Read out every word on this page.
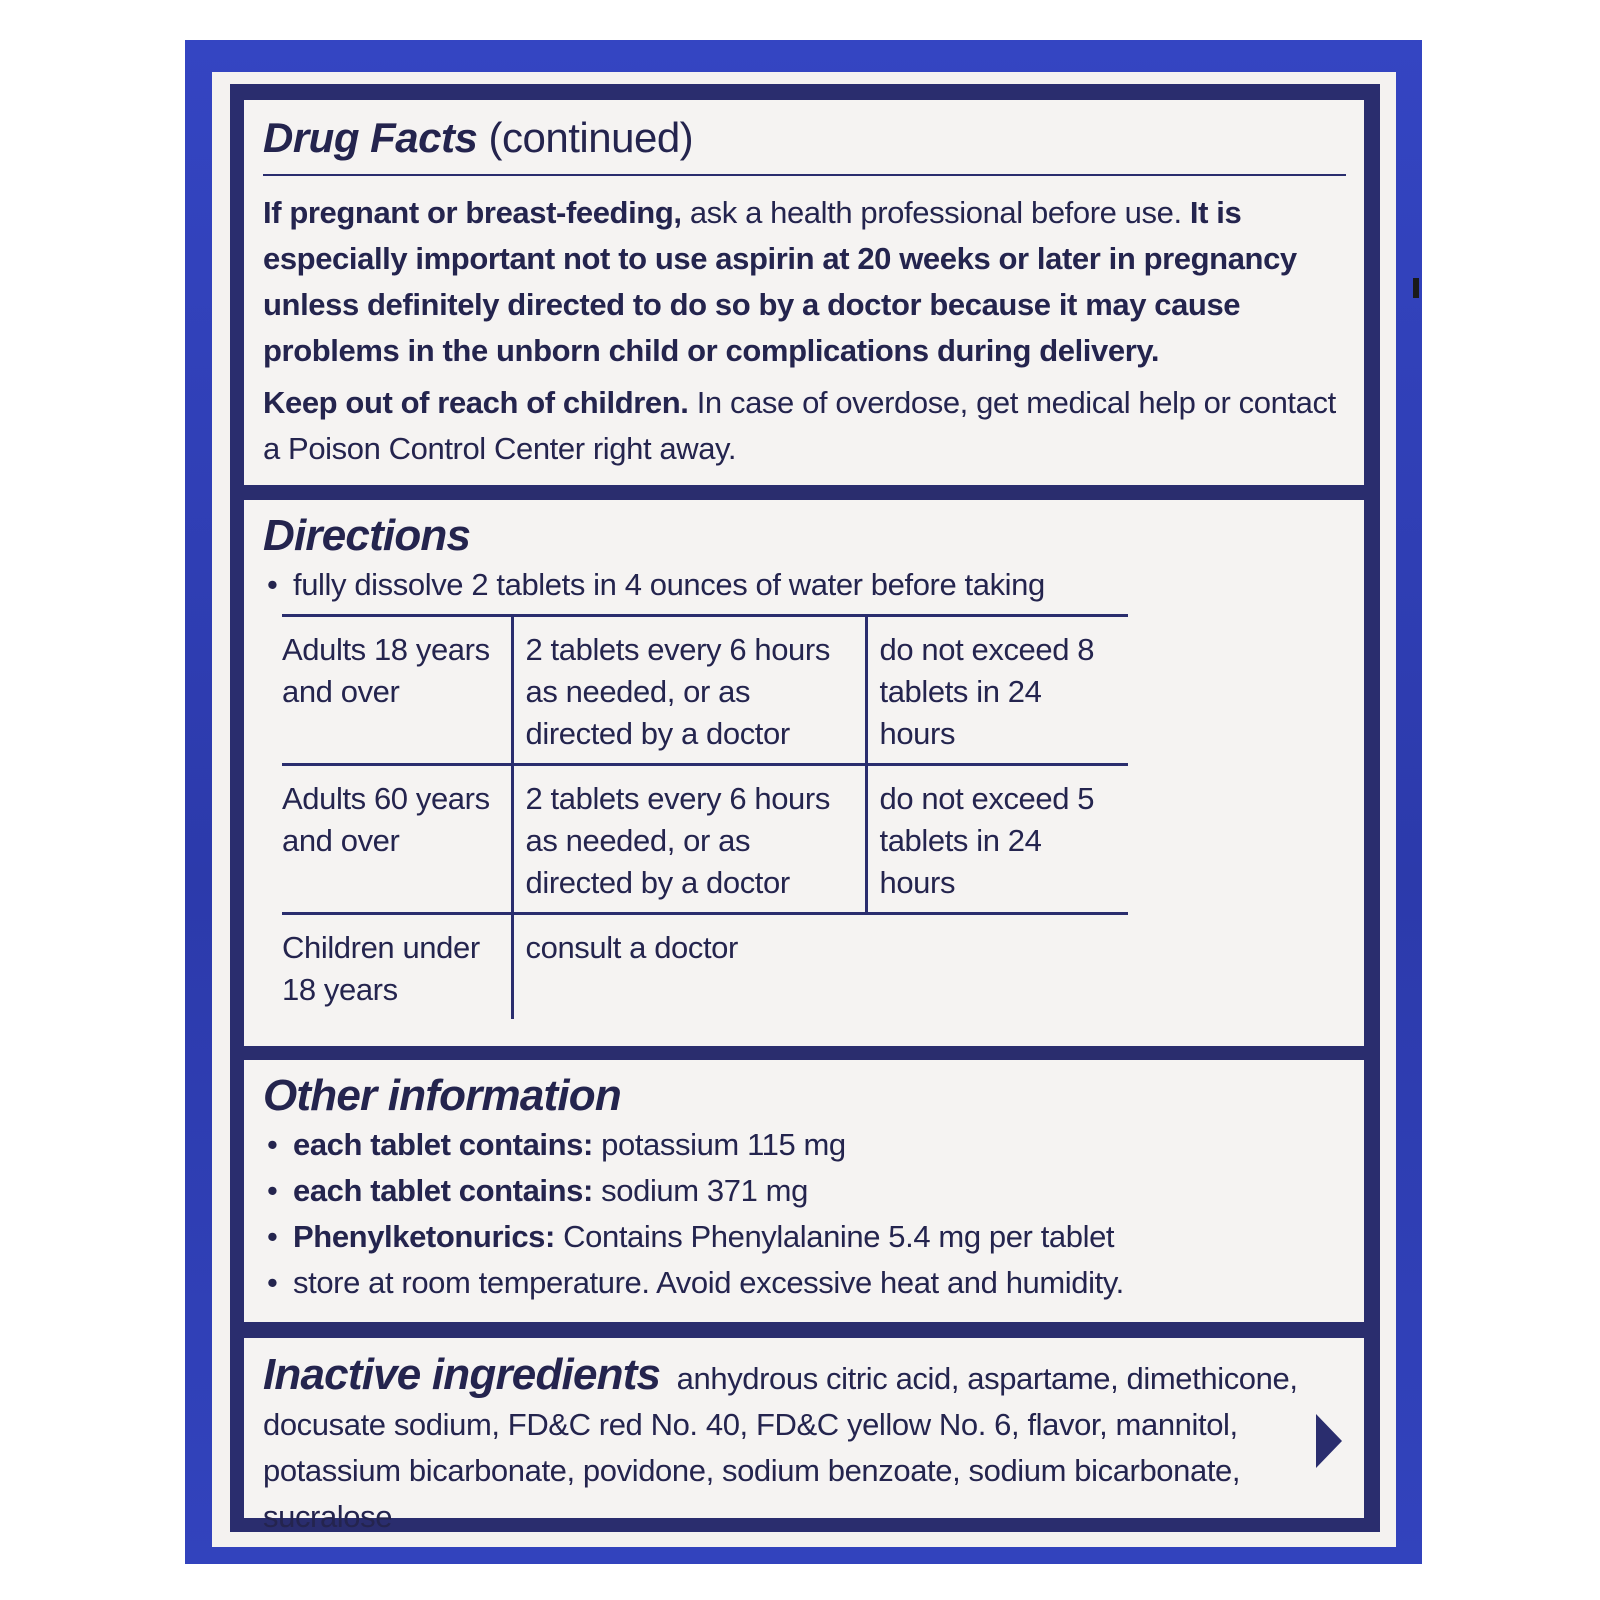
Drug Facts (continued)

If pregnant or breast-feeding, ask a health professional before use. It is especially important not to use aspirin at 20 weeks or later in pregnancy unless definitely directed to do so by a doctor because it may cause problems in the unborn child or complications during delivery.

Keep out of reach of children. In case of overdose, get medical help or contact a Poison Control Center right away.

Directions
• fully dissolve 2 tablets in 4 ounces of water before taking
Adults 18 years and over	2 tablets every 6 hours as needed, or as directed by a doctor	do not exceed 8 tablets in 24 hours
Adults 60 years and over	2 tablets every 6 hours as needed, or as directed by a doctor	do not exceed 5 tablets in 24 hours
Children under 18 years	consult a doctor	
Other information
• each tablet contains: potassium 115 mg
• each tablet contains: sodium 371 mg
• Phenylketonurics: Contains Phenylalanine 5.4 mg per tablet
• store at room temperature. Avoid excessive heat and humidity.

Inactive ingredients anhydrous citric acid, aspartame, dimethicone, docusate sodium, FD&C red No. 40, FD&C yellow No. 6, flavor, mannitol, potassium bicarbonate, povidone, sodium benzoate, sodium bicarbonate, sucralose
